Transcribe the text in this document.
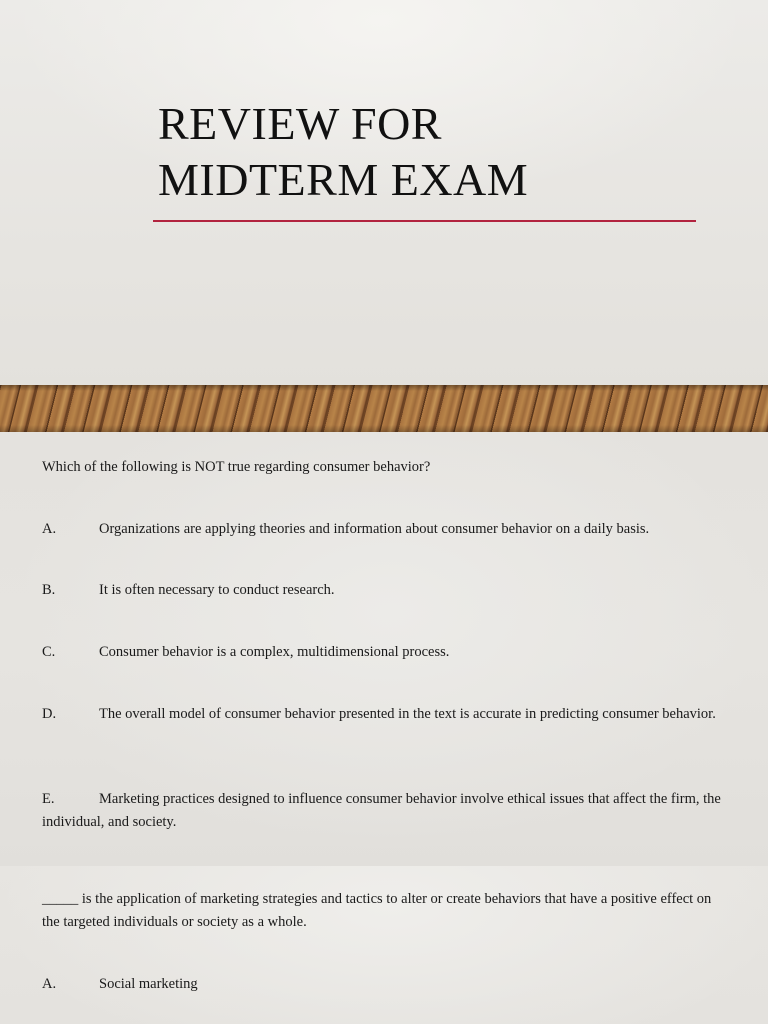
REVIEW FOR
MIDTERM EXAM

Which of the following is NOT true regarding consumer behavior?

A.	Organizations are applying theories and information about consumer behavior on a daily basis.

B.	It is often necessary to conduct research.

C.	Consumer behavior is a complex, multidimensional process.

D.	The overall model of consumer behavior presented in the text is accurate in predicting consumer behavior.

E.	Marketing practices designed to influence consumer behavior involve ethical issues that affect the firm, the individual, and society.

_____ is the application of marketing strategies and tactics to alter or create behaviors that have a positive effect on the targeted individuals or society as a whole.

A.	Social marketing
